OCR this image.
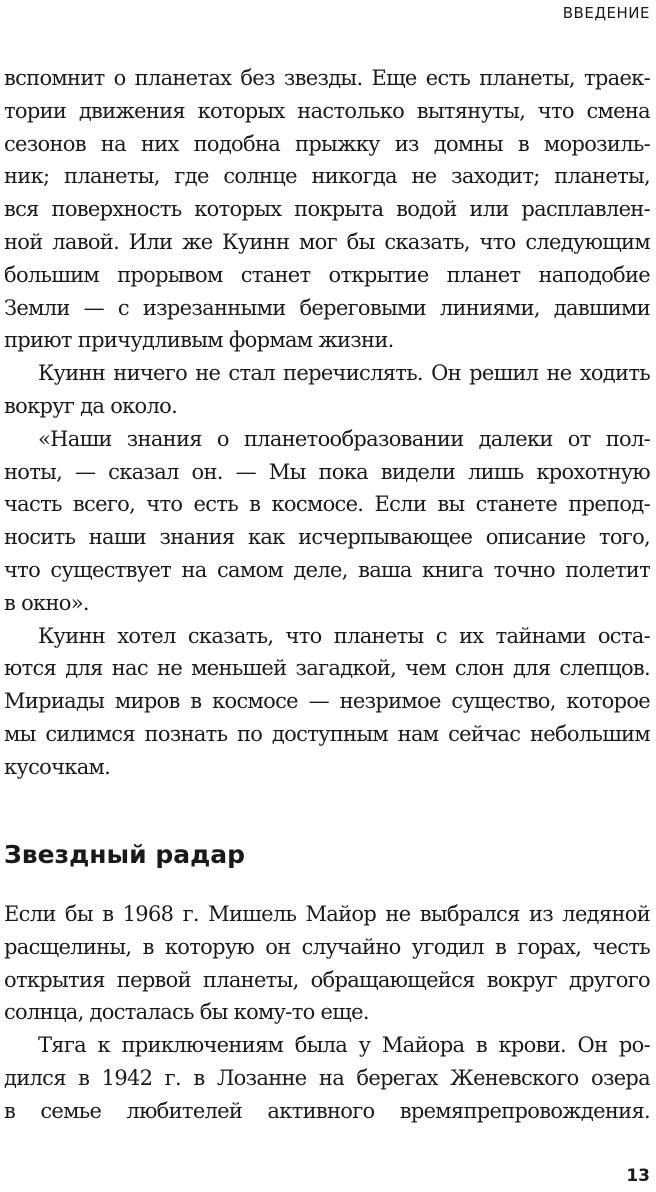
ВВЕДЕНИЕ
вспомнит о планетах без звезды. Еще есть планеты, траек-
тории движения которых настолько вытянуты, что смена
сезонов на них подобна прыжку из домны в морозиль-
ник; планеты, где солнце никогда не заходит; планеты,
вся поверхность которых покрыта водой или расплавлен-
ной лавой. Или же Куинн мог бы сказать, что следующим
большим прорывом станет открытие планет наподобие
Земли — с изрезанными береговыми линиями, давшими
приют причудливым формам жизни.
Куинн ничего не стал перечислять. Он решил не ходить
вокруг да около.
«Наши знания о планетообразовании далеки от пол-
ноты, — сказал он. — Мы пока видели лишь крохотную
часть всего, что есть в космосе. Если вы станете препод-
носить наши знания как исчерпывающее описание того,
что существует на самом деле, ваша книга точно полетит
в окно».
Куинн хотел сказать, что планеты с их тайнами оста-
ются для нас не меньшей загадкой, чем слон для слепцов.
Мириады миров в космосе — незримое существо, которое
мы силимся познать по доступным нам сейчас небольшим
кусочкам.
Звездный радар
Если бы в 1968 г. Мишель Майор не выбрался из ледяной
расщелины, в которую он случайно угодил в горах, честь
открытия первой планеты, обращающейся вокруг другого
солнца, досталась бы кому-то еще.
Тяга к приключениям была у Майора в крови. Он ро-
дился в 1942 г. в Лозанне на берегах Женевского озера
в семье любителей активного времяпрепровождения.
13
